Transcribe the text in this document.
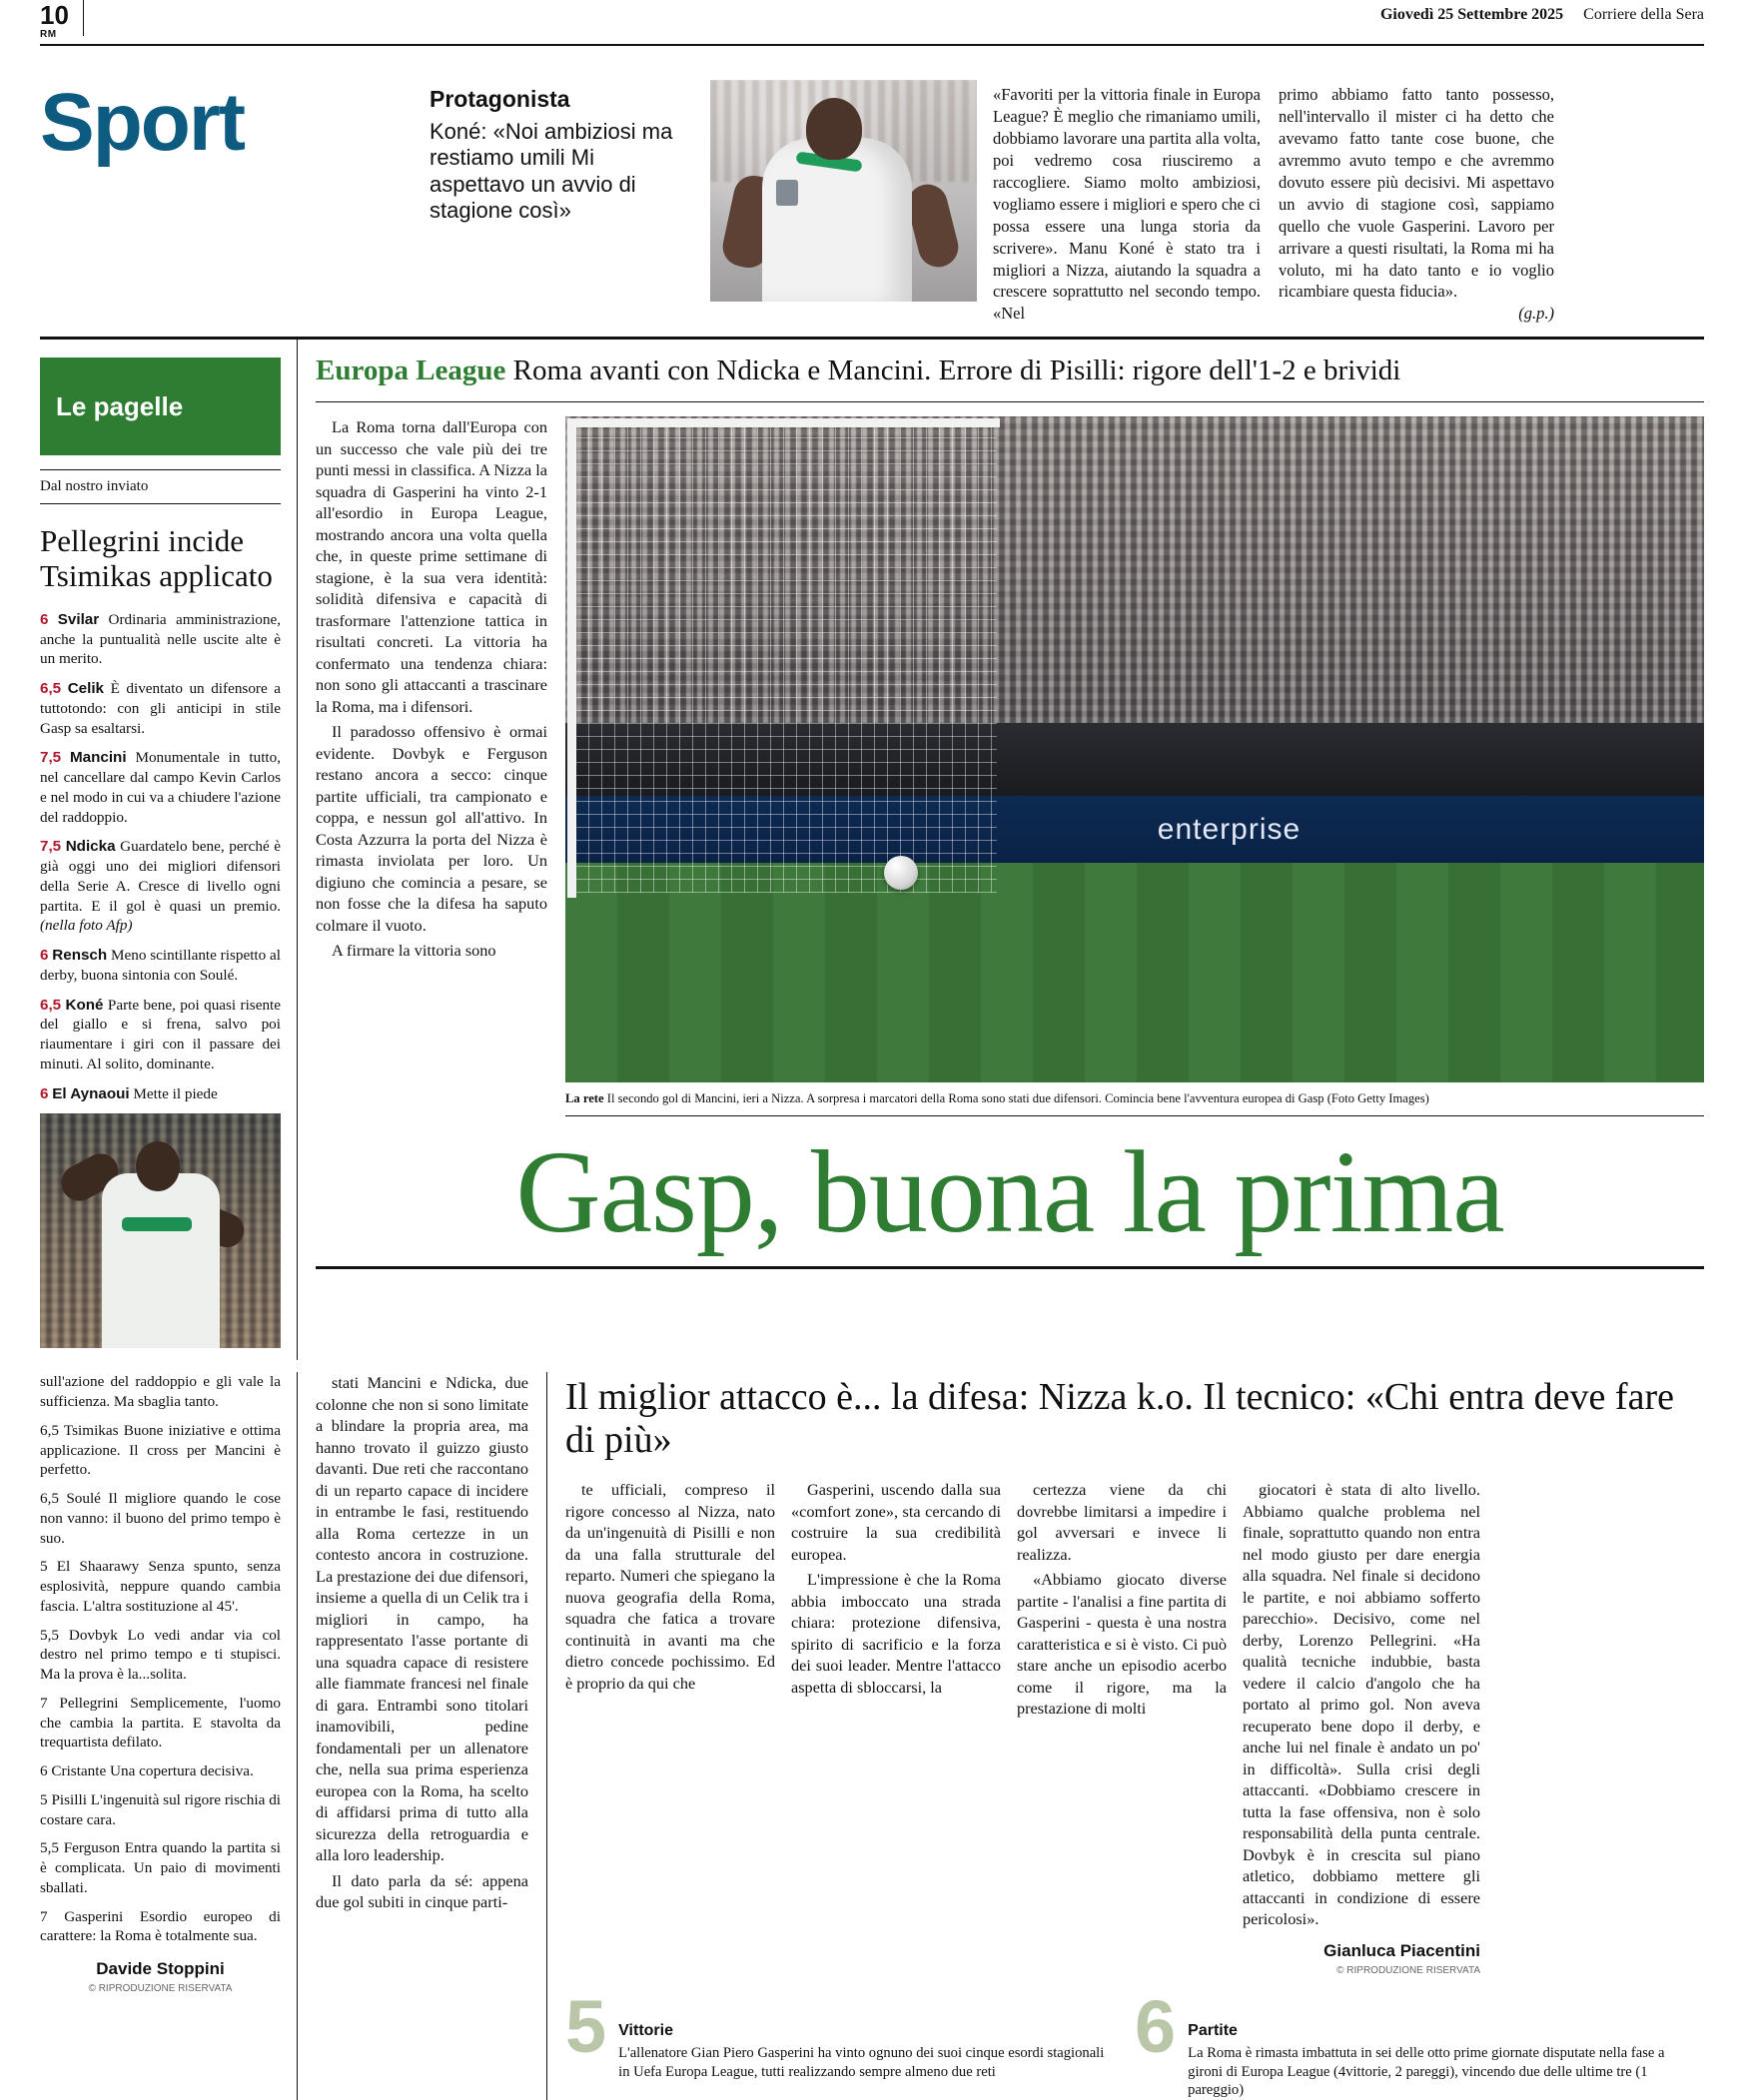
10
RM
Giovedì 25 Settembre 2025 Corriere della Sera
Sport	Protagonista
Koné: «Noi ambiziosi ma restiamo umili Mi aspettavo un avvio di stagione così»
«Favoriti per la vittoria finale in Europa League? È meglio che rimaniamo umili, dobbiamo lavorare una partita alla volta, poi vedremo cosa riusciremo a raccogliere. Siamo molto ambiziosi, vogliamo essere i migliori e spero che ci possa essere una lunga storia da scrivere». Manu Koné è stato tra i migliori a Nizza, aiutando la squadra a crescere soprattutto nel secondo tempo. «Nel
primo abbiamo fatto tanto possesso, nell'intervallo il mister ci ha detto che avevamo fatto tante cose buone, che avremmo avuto tempo e che avremmo dovuto essere più decisivi. Mi aspettavo un avvio di stagione così, sappiamo quello che vuole Gasperini. Lavoro per arrivare a questi risultati, la Roma mi ha voluto, mi ha dato tanto e io voglio ricambiare questa fiducia».
(g.p.)
Le pagelle
Dal nostro inviato
Pellegrini incide Tsimikas applicato

6 Svilar Ordinaria amministrazione, anche la puntualità nelle uscite alte è un merito.

6,5 Celik È diventato un difensore a tuttotondo: con gli anticipi in stile Gasp sa esaltarsi.

7,5 Mancini Monumentale in tutto, nel cancellare dal campo Kevin Carlos e nel modo in cui va a chiudere l'azione del raddoppio.

7,5 Ndicka Guardatelo bene, perché è già oggi uno dei migliori difensori della Serie A. Cresce di livello ogni partita. E il gol è quasi un premio. (nella foto Afp)

6 Rensch Meno scintillante rispetto al derby, buona sintonia con Soulé.

6,5 Koné Parte bene, poi quasi risente del giallo e si frena, salvo poi riaumentare i giri con il passare dei minuti. Al solito, dominante.

6 El Aynaoui Mette il piede

Europa League Roma avanti con Ndicka e Mancini. Errore di Pisilli: rigore dell'1-2 e brividi

La Roma torna dall'Europa con un successo che vale più dei tre punti messi in classifica. A Nizza la squadra di Gasperini ha vinto 2-1 all'esordio in Europa League, mostrando ancora una volta quella che, in queste prime settimane di stagione, è la sua vera identità: solidità difensiva e capacità di trasformare l'attenzione tattica in risultati concreti. La vittoria ha confermato una tendenza chiara: non sono gli attaccanti a trascinare la Roma, ma i difensori.

Il paradosso offensivo è ormai evidente. Dovbyk e Ferguson restano ancora a secco: cinque partite ufficiali, tra campionato e coppa, e nessun gol all'attivo. In Costa Azzurra la porta del Nizza è rimasta inviolata per loro. Un digiuno che comincia a pesare, se non fosse che la difesa ha saputo colmare il vuoto.

A firmare la vittoria sono

enterprise
La rete Il secondo gol di Mancini, ieri a Nizza. A sorpresa i marcatori della Roma sono stati due difensori. Comincia bene l'avventura europea di Gasp (Foto Getty Images)
Gasp, buona la prima

sull'azione del raddoppio e gli vale la sufficienza. Ma sbaglia tanto.

6,5 Tsimikas Buone iniziative e ottima applicazione. Il cross per Mancini è perfetto.

6,5 Soulé Il migliore quando le cose non vanno: il buono del primo tempo è suo.

5 El Shaarawy Senza spunto, senza esplosività, neppure quando cambia fascia. L'altra sostituzione al 45'.

5,5 Dovbyk Lo vedi andar via col destro nel primo tempo e ti stupisci. Ma la prova è la...solita.

7 Pellegrini Semplicemente, l'uomo che cambia la partita. E stavolta da trequartista defilato.

6 Cristante Una copertura decisiva.

5 Pisilli L'ingenuità sul rigore rischia di costare cara.

5,5 Ferguson Entra quando la partita si è complicata. Un paio di movimenti sballati.

7 Gasperini Esordio europeo di carattere: la Roma è totalmente sua.

Davide Stoppini
© RIPRODUZIONE RISERVATA

stati Mancini e Ndicka, due colonne che non si sono limitate a blindare la propria area, ma hanno trovato il guizzo giusto davanti. Due reti che raccontano di un reparto capace di incidere in entrambe le fasi, restituendo alla Roma certezze in un contesto ancora in costruzione. La prestazione dei due difensori, insieme a quella di un Celik tra i migliori in campo, ha rappresentato l'asse portante di una squadra capace di resistere alle fiammate francesi nel finale di gara. Entrambi sono titolari inamovibili, pedine fondamentali per un allenatore che, nella sua prima esperienza europea con la Roma, ha scelto di affidarsi prima di tutto alla sicurezza della retroguardia e alla loro leadership.

Il dato parla da sé: appena due gol subiti in cinque parti-

Il miglior attacco è... la difesa: Nizza k.o. Il tecnico: «Chi entra deve fare di più»

te ufficiali, compreso il rigore concesso al Nizza, nato da un'ingenuità di Pisilli e non da una falla strutturale del reparto. Numeri che spiegano la nuova geografia della Roma, squadra che fatica a trovare continuità in avanti ma che dietro concede pochissimo. Ed è proprio da qui che

Gasperini, uscendo dalla sua «comfort zone», sta cercando di costruire la sua credibilità europea.

L'impressione è che la Roma abbia imboccato una strada chiara: protezione difensiva, spirito di sacrificio e la forza dei suoi leader. Mentre l'attacco aspetta di sbloccarsi, la

certezza viene da chi dovrebbe limitarsi a impedire i gol avversari e invece li realizza.

«Abbiamo giocato diverse partite - l'analisi a fine partita di Gasperini - questa è una nostra caratteristica e si è visto. Ci può stare anche un episodio acerbo come il rigore, ma la prestazione di molti

giocatori è stata di alto livello. Abbiamo qualche problema nel finale, soprattutto quando non entra nel modo giusto per dare energia alla squadra. Nel finale si decidono le partite, e noi abbiamo sofferto parecchio». Decisivo, come nel derby, Lorenzo Pellegrini. «Ha qualità tecniche indubbie, basta vedere il calcio d'angolo che ha portato al primo gol. Non aveva recuperato bene dopo il derby, e anche lui nel finale è andato un po' in difficoltà». Sulla crisi degli attaccanti. «Dobbiamo crescere in tutta la fase offensiva, non è solo responsabilità della punta centrale. Dovbyk è in crescita sul piano atletico, dobbiamo mettere gli attaccanti in condizione di essere pericolosi».

Gianluca Piacentini
© RIPRODUZIONE RISERVATA
5 Vittorie
L'allenatore Gian Piero Gasperini ha vinto ognuno dei suoi cinque esordi stagionali in Uefa Europa League, tutti realizzando sempre almeno due reti
6 Partite
La Roma è rimasta imbattuta in sei delle otto prime giornate disputate nella fase a gironi di Europa League (4vittorie, 2 pareggi), vincendo due delle ultime tre (1 pareggio)
